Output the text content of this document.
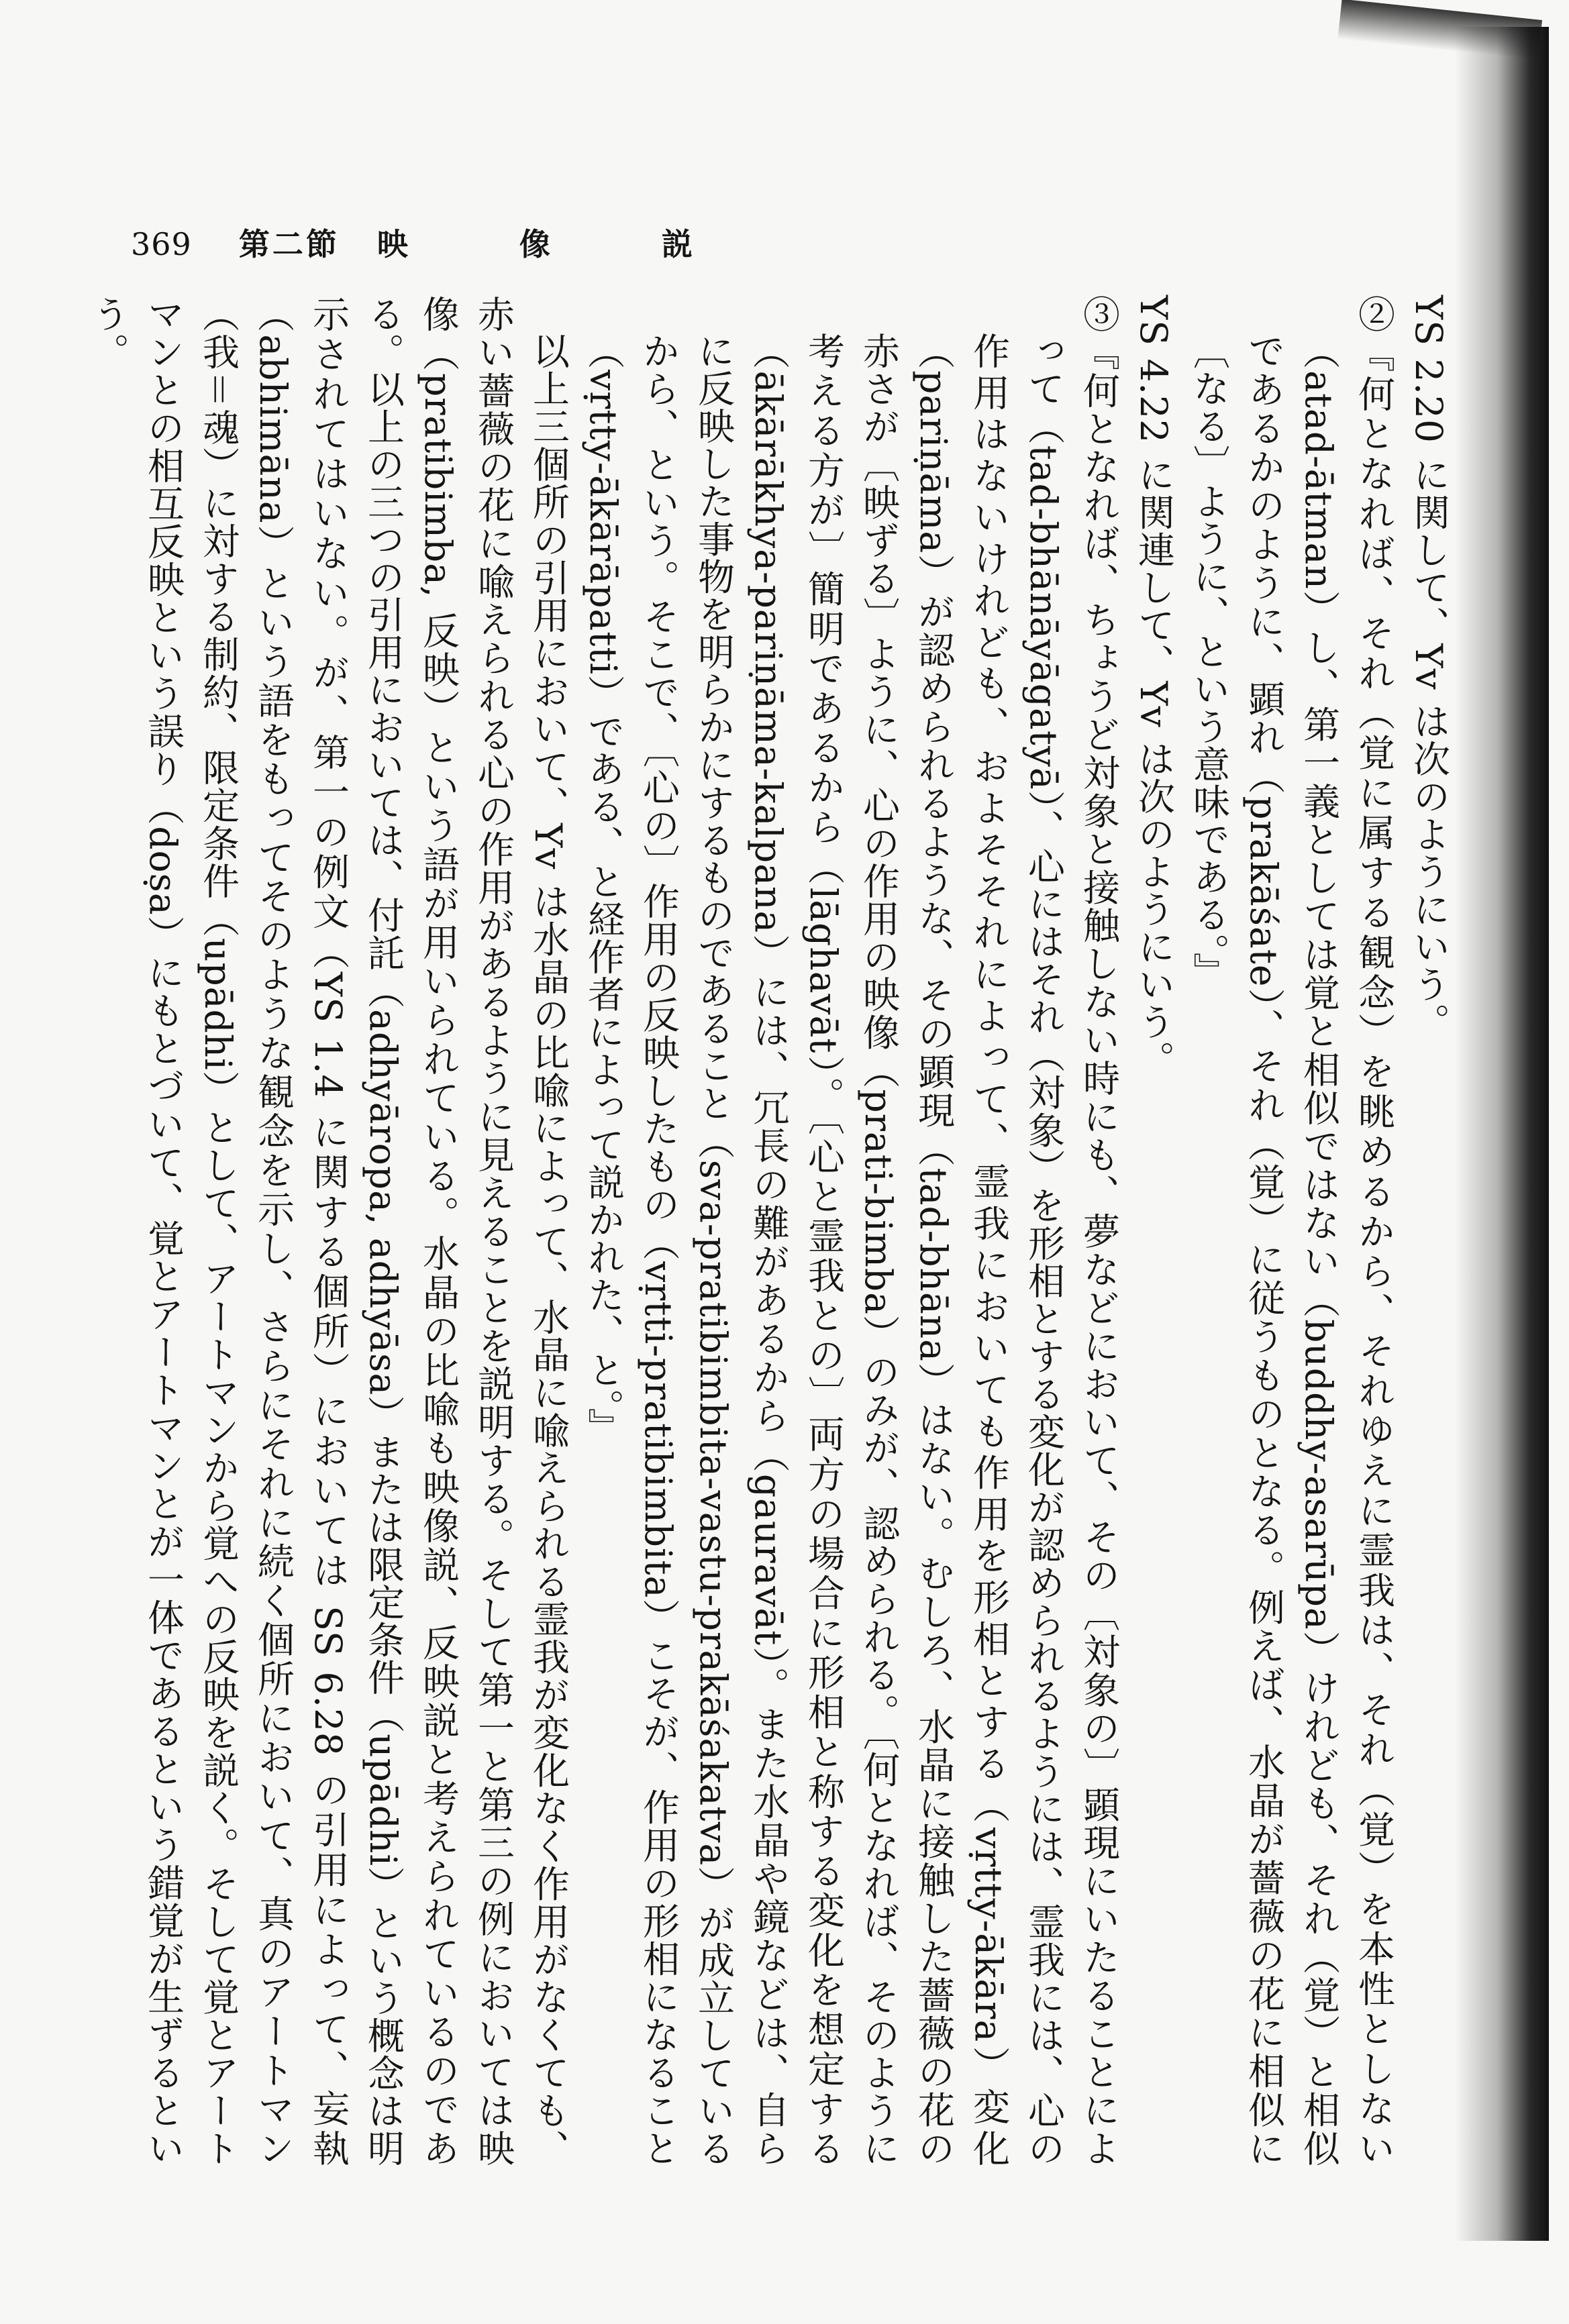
369 第二節 映　像　説

YS 2.20 に関して、Yv は次のようにいう。

②『何となれば、それ（覚に属する観念）を眺めるから、それゆえに霊我は、それ（覚）を本性としない（atad-ātman）し、第一義としては覚と相似ではない（buddhy-asarūpa）けれども、それ（覚）と相似であるかのように、顕れ（prakāśate）、それ（覚）に従うものとなる。例えば、水晶が薔薇の花に相似に〔なる〕ように、という意味である。』

YS 4.22 に関連して、Yv は次のようにいう。

③『何となれば、ちょうど対象と接触しない時にも、夢などにおいて、その〔対象の〕顕現にいたることによって（tad-bhānāyāgatyā）、心にはそれ（対象）を形相とする変化が認められるようには、霊我には、心の作用はないけれども、およそそれによって、霊我においても作用を形相とする（vṛtty-ākāra）変化（pariṇāma）が認められるような、その顕現（tad-bhāna）はない。むしろ、水晶に接触した薔薇の花の赤さが〔映ずる〕ように、心の作用の映像（prati-bimba）のみが、認められる。〔何となれば、そのように考える方が〕簡明であるから（lāghavāt）。〔心と霊我との〕両方の場合に形相と称する変化を想定する（ākārākhya-pariṇāma-kalpana）には、冗長の難があるから（gauravāt）。また水晶や鏡などは、自らに反映した事物を明らかにするものであること（sva-pratibimbita-vastu-prakāśakatva）が成立しているから、という。そこで、〔心の〕作用の反映したもの（vṛtti-pratibimbita）こそが、作用の形相になること（vṛtty-ākārāpatti）である、と経作者によって説かれた、と。』

以上三個所の引用において、Yv は水晶の比喩によって、水晶に喩えられる霊我が変化なく作用がなくても、赤い薔薇の花に喩えられる心の作用があるように見えることを説明する。そして第一と第三の例においては映像（pratibimba, 反映）という語が用いられている。水晶の比喩も映像説、反映説と考えられているのである。以上の三つの引用においては、付託（adhyāropa, adhyāsa）または限定条件（upādhi）という概念は明示されてはいない。が、第一の例文（YS 1.4 に関する個所）においては SS 6.28 の引用によって、妄執（abhimāna）という語をもってそのような観念を示し、さらにそれに続く個所において、真のアートマン（我＝魂）に対する制約、限定条件（upādhi）として、アートマンから覚への反映を説く。そして覚とアートマンとの相互反映という誤り（doṣa）にもとづいて、覚とアートマンとが一体であるという錯覚が生ずるという。
